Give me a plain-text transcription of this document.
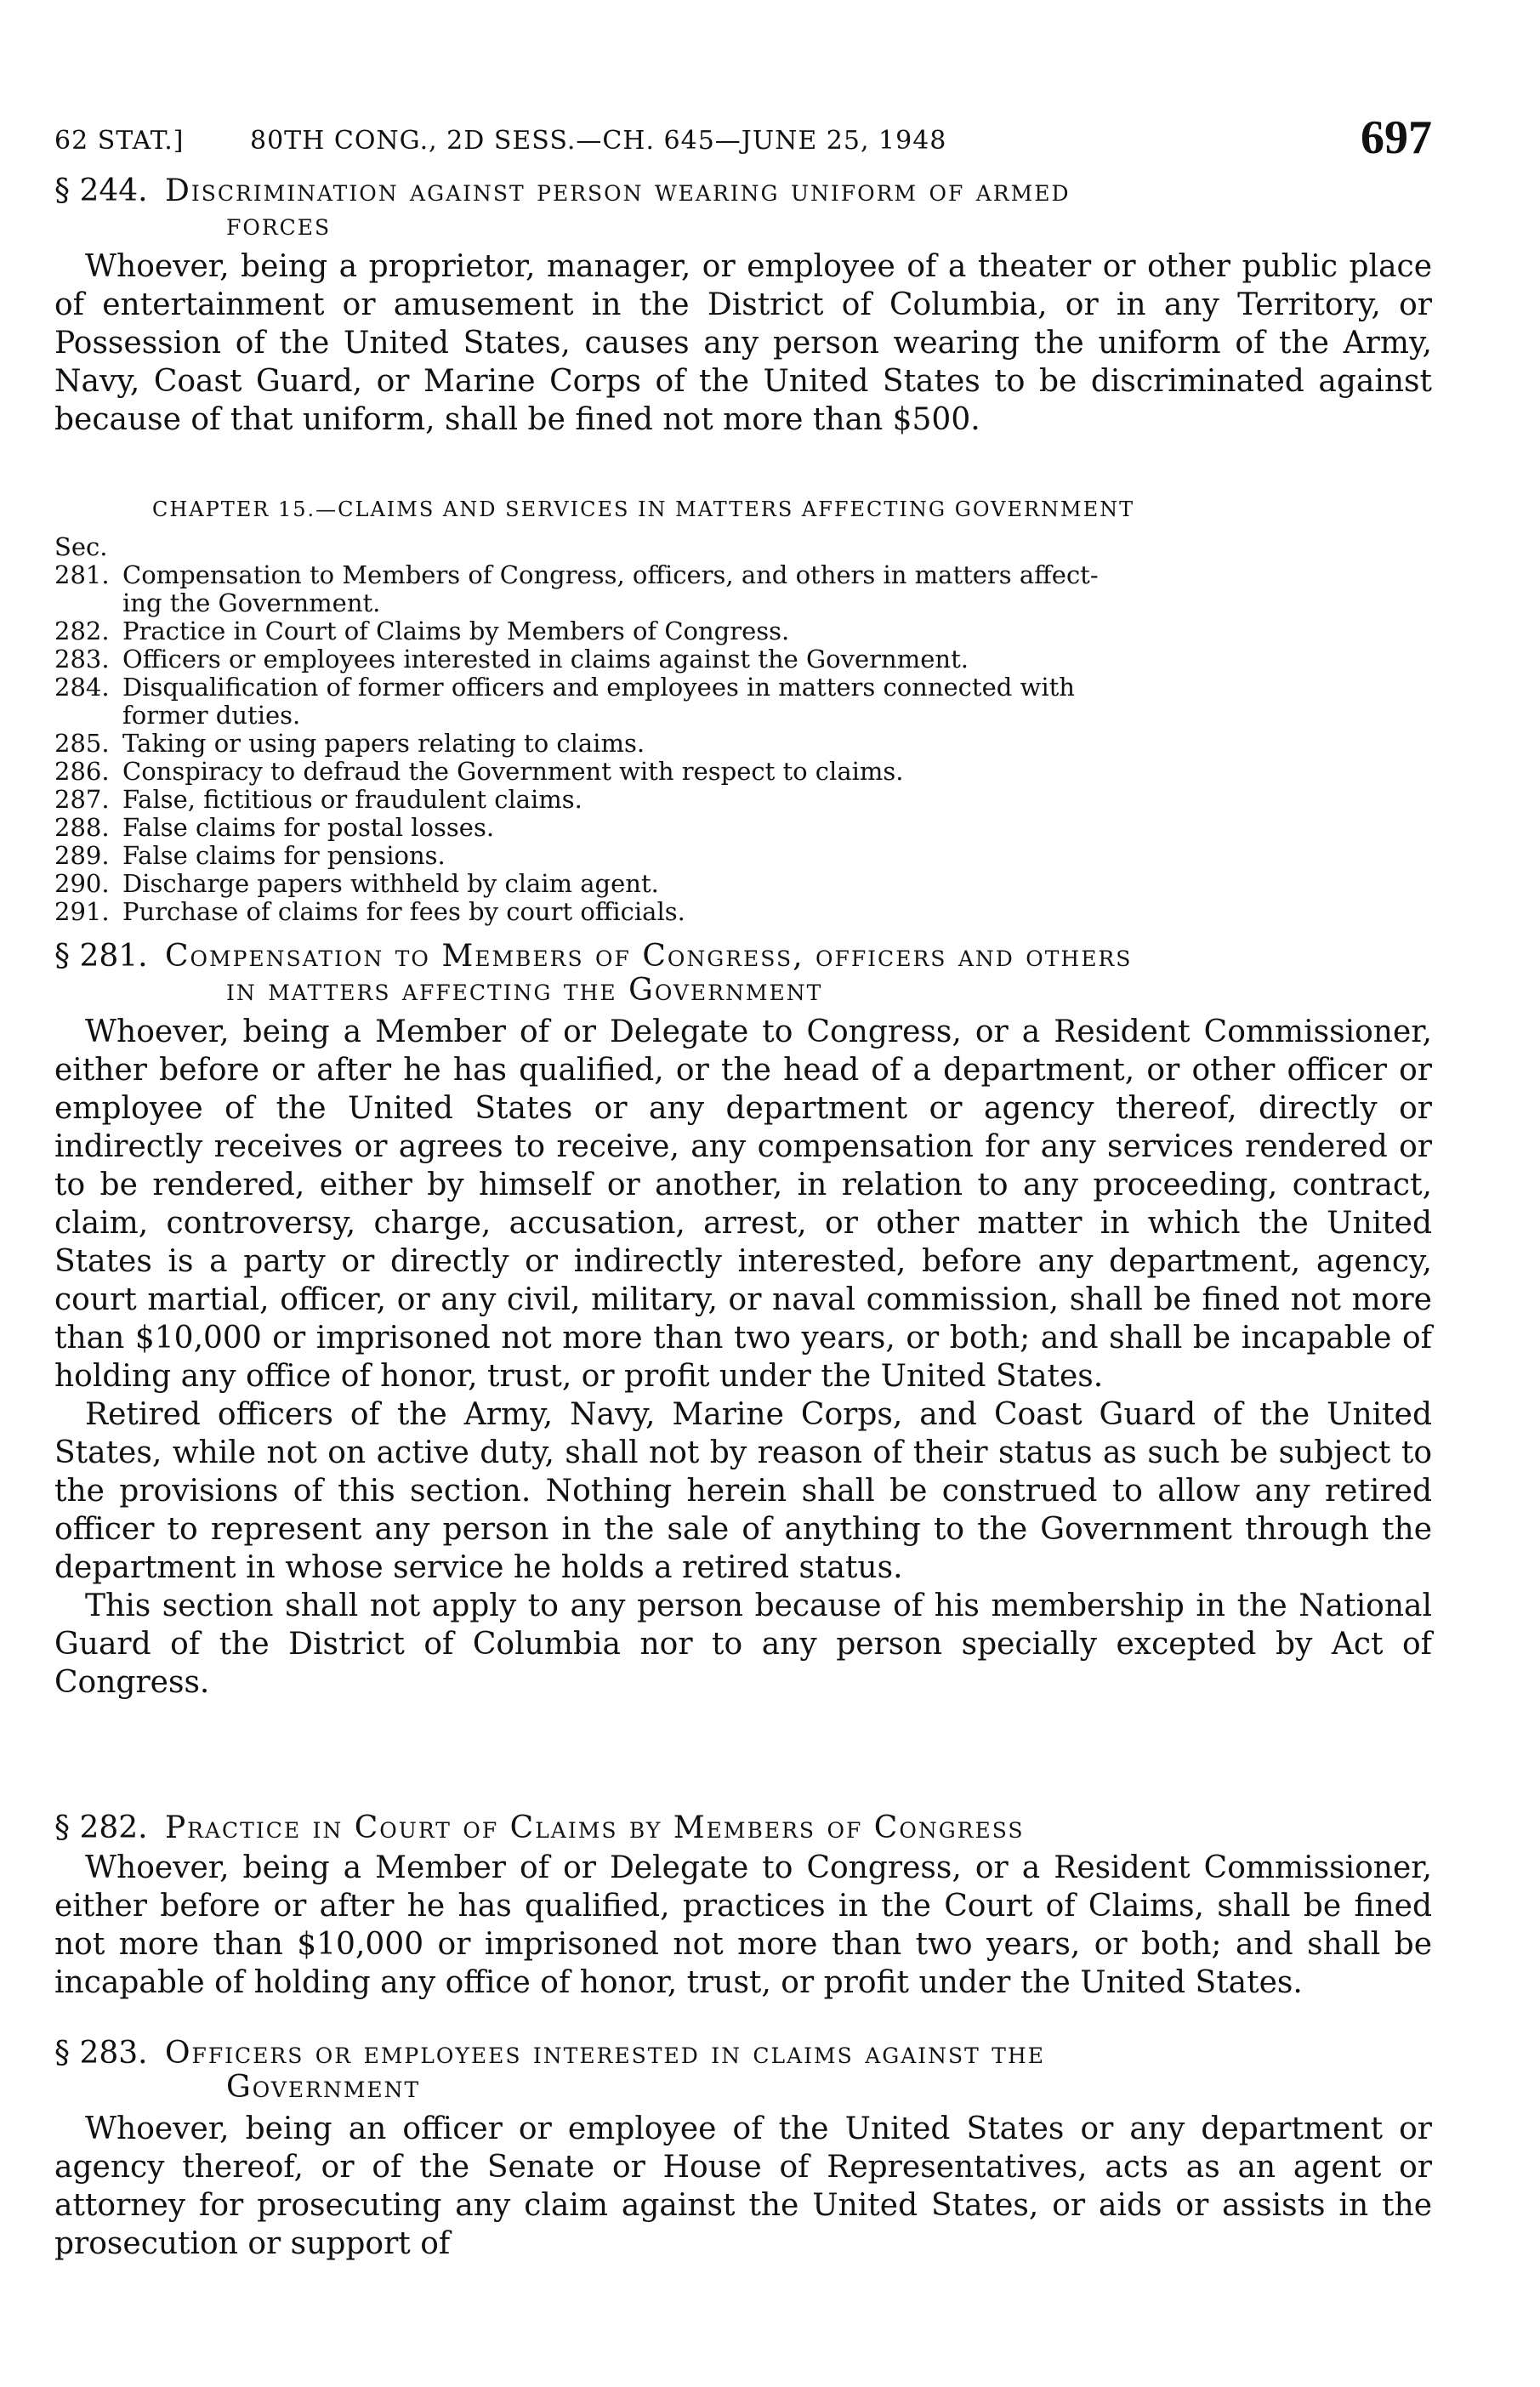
62 STAT.]	80TH CONG., 2D SESS.—CH. 645—JUNE 25, 1948	697
§ 244. Discrimination against person wearing uniform of armed
forces

Whoever, being a proprietor, manager, or employee of a theater or other public place of entertainment or amusement in the District of Columbia, or in any Territory, or Possession of the United States, causes any person wearing the uniform of the Army, Navy, Coast Guard, or Marine Corps of the United States to be discriminated against because of that uniform, shall be fined not more than $500.

CHAPTER 15.—CLAIMS AND SERVICES IN MATTERS AFFECTING GOVERNMENT
Sec.
281. Compensation to Members of Congress, officers, and others in matters affect-
ing the Government.
282. Practice in Court of Claims by Members of Congress.
283. Officers or employees interested in claims against the Government.
284. Disqualification of former officers and employees in matters connected with
former duties.
285. Taking or using papers relating to claims.
286. Conspiracy to defraud the Government with respect to claims.
287. False, fictitious or fraudulent claims.
288. False claims for postal losses.
289. False claims for pensions.
290. Discharge papers withheld by claim agent.
291. Purchase of claims for fees by court officials.
§ 281. Compensation to Members of Congress, officers and others
in matters affecting the Government

Whoever, being a Member of or Delegate to Congress, or a Resident Commissioner, either before or after he has qualified, or the head of a department, or other officer or employee of the United States or any department or agency thereof, directly or indirectly receives or agrees to receive, any compensation for any services rendered or to be rendered, either by himself or another, in relation to any proceeding, contract, claim, controversy, charge, accusation, arrest, or other matter in which the United States is a party or directly or indirectly interested, before any department, agency, court martial, officer, or any civil, military, or naval commission, shall be fined not more than $10,000 or imprisoned not more than two years, or both; and shall be incapable of holding any office of honor, trust, or profit under the United States.

Retired officers of the Army, Navy, Marine Corps, and Coast Guard of the United States, while not on active duty, shall not by reason of their status as such be subject to the provisions of this section. Nothing herein shall be construed to allow any retired officer to represent any person in the sale of anything to the Government through the department in whose service he holds a retired status.

This section shall not apply to any person because of his membership in the National Guard of the District of Columbia nor to any person specially excepted by Act of Congress.

§ 282. Practice in Court of Claims by Members of Congress

Whoever, being a Member of or Delegate to Congress, or a Resident Commissioner, either before or after he has qualified, practices in the Court of Claims, shall be fined not more than $10,000 or imprisoned not more than two years, or both; and shall be incapable of holding any office of honor, trust, or profit under the United States.

§ 283. Officers or employees interested in claims against the
Government

Whoever, being an officer or employee of the United States or any department or agency thereof, or of the Senate or House of Representatives, acts as an agent or attorney for prosecuting any claim against the United States, or aids or assists in the prosecution or support of
